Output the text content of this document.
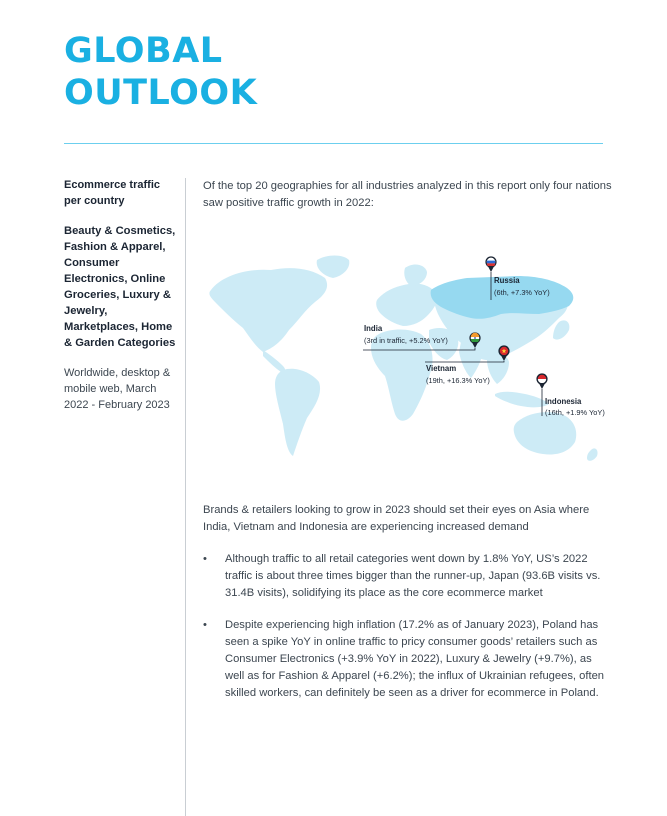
GLOBAL
OUTLOOK

Ecommerce traffic per country

Beauty & Cosmetics, Fashion & Apparel, Consumer Electronics, Online Groceries, Luxury & Jewelry, Marketplaces, Home & Garden Categories

Worldwide, desktop & mobile web, March 2022 - February 2023

Of the top 20 geographies for all industries analyzed in this report only four nations saw positive traffic growth in 2022:

Russia
(6th, +7.3% YoY)
India
(3rd in traffic, +5.2% YoY)
Vietnam
(19th, +16.3% YoY)
Indonesia
(16th, +1.9% YoY)

Brands & retailers looking to grow in 2023 should set their eyes on Asia where India, Vietnam and Indonesia are experiencing increased demand

• Although traffic to all retail categories went down by 1.8% YoY, US’s 2022 traffic is about three times bigger than the runner-up, Japan (93.6B visits vs. 31.4B visits), solidifying its place as the core ecommerce market
• Despite experiencing high inflation (17.2% as of January 2023), Poland has seen a spike YoY in online traffic to pricy consumer goods’ retailers such as Consumer Electronics (+3.9% YoY in 2022), Luxury & Jewelry (+9.7%), as well as for Fashion & Apparel (+6.2%); the influx of Ukrainian refugees, often skilled workers, can definitely be seen as a driver for ecommerce in Poland.
